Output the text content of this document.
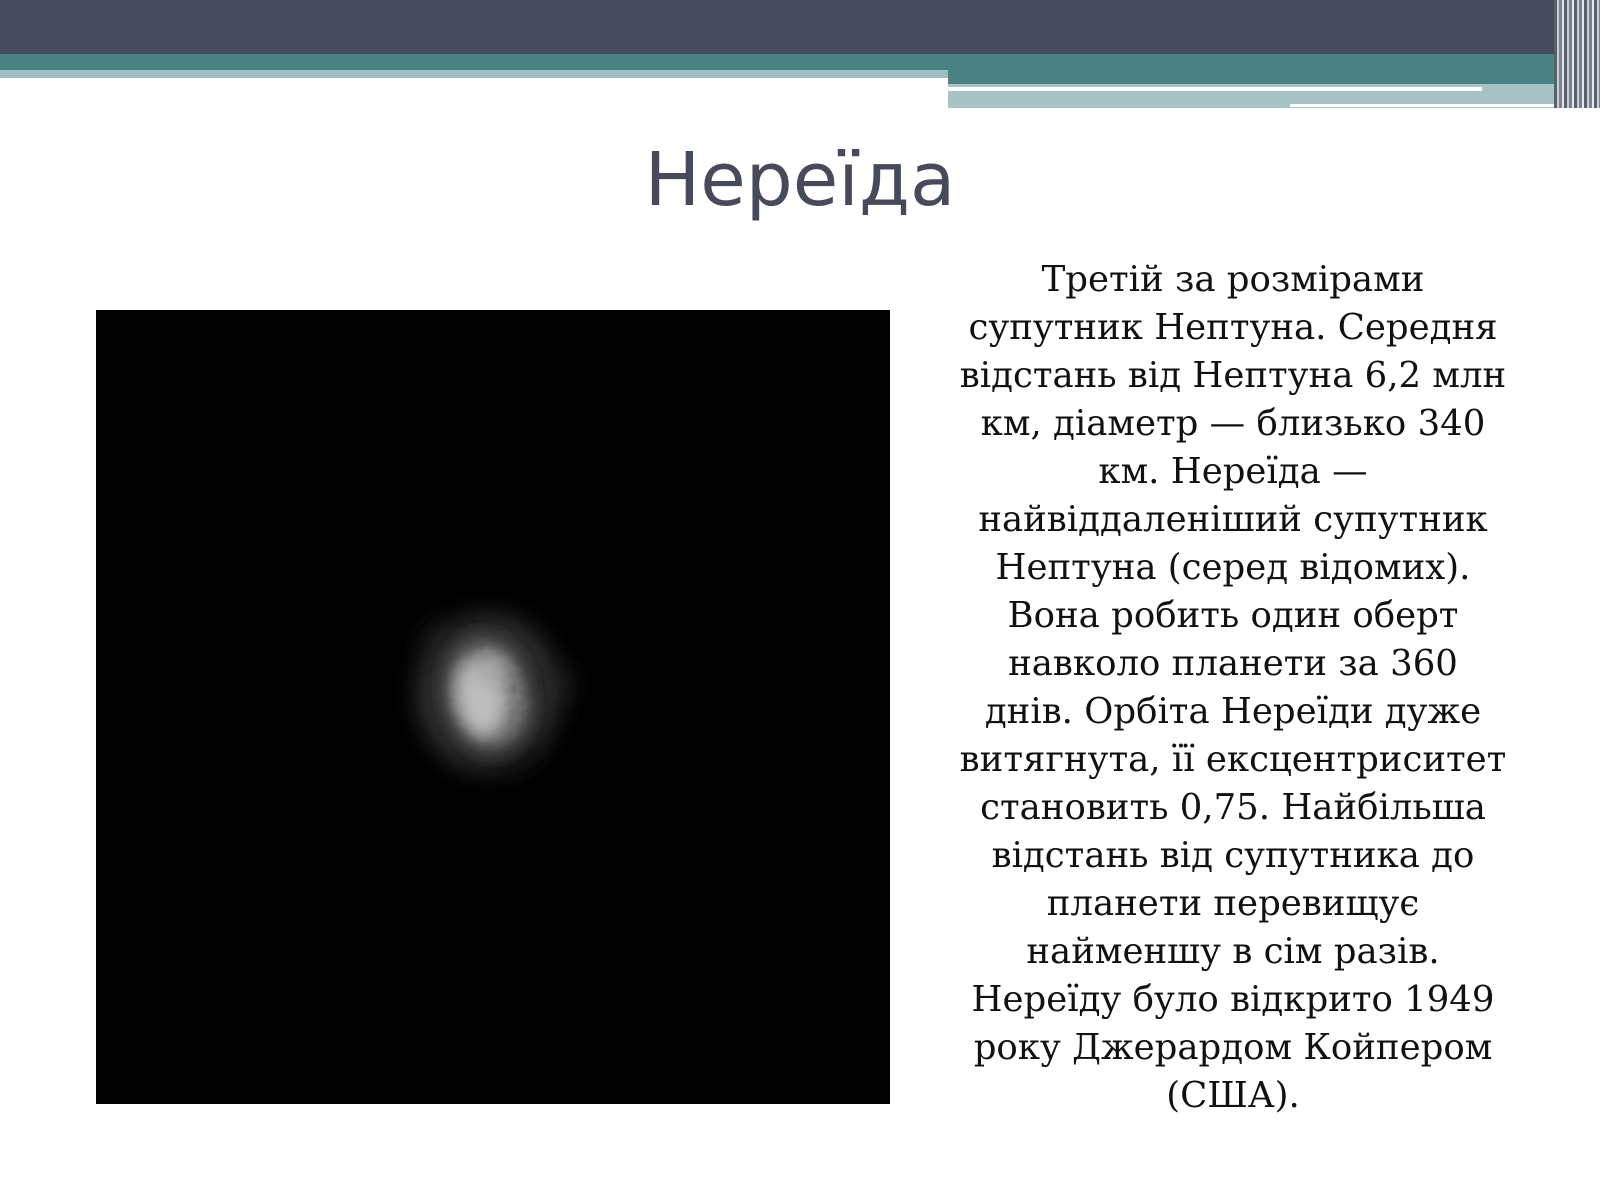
Нереїда

Третій за розмірами
супутник Нептуна. Середня
відстань від Нептуна 6,2 млн
км, діаметр — близько 340
км. Нереїда —
найвіддаленіший супутник
Нептуна (серед відомих).
Вона робить один оберт
навколо планети за 360
днів. Орбіта Нереїди дуже
витягнута, її ексцентриситет
становить 0,75. Найбільша
відстань від супутника до
планети перевищує
найменшу в сім разів.
Нереїду було відкрито 1949
року Джерардом Койпером
(США).
